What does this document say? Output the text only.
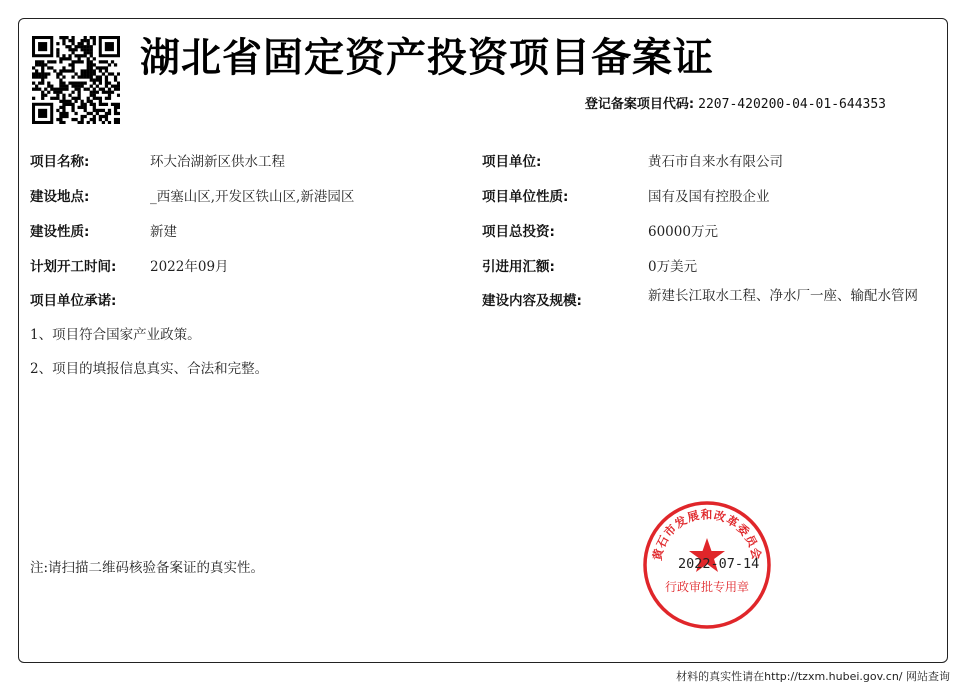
湖北省固定资产投资项目备案证
登记备案项目代码: 2207-420200-04-01-644353
项目名称:	环大冶湖新区供水工程
建设地点:	_西塞山区,开发区铁山区,新港园区
建设性质:	新建
计划开工时间: 2022年09月
项目单位承诺:
项目单位:	黄石市自来水有限公司
项目单位性质:	国有及国有控股企业
项目总投资:	60000万元
引进用汇额:	0万美元
建设内容及规模:	新建长江取水工程、净水厂一座、输配水管网
1、项目符合国家产业政策。
2、项目的填报信息真实、合法和完整。
注:请扫描二维码核验备案证的真实性。
黄石市发展和改革委员会
行政审批专用章
2022-07-14
材料的真实性请在http://tzxm.hubei.gov.cn/ 网站查询
